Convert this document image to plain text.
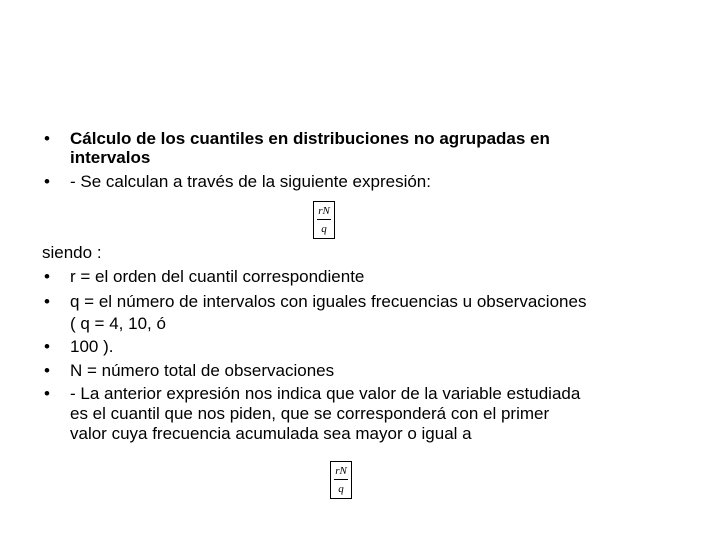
• Cálculo de los cuantiles en distribuciones no agrupadas en
intervalos
• - Se calculan a través de la siguiente expresión:
rN
q
siendo :
• r = el orden del cuantil correspondiente
• q = el número de intervalos con iguales frecuencias u observaciones
( q = 4, 10, ó
• 100 ).
• N = número total de observaciones
• - La anterior expresión nos indica que valor de la variable estudiada
es el cuantil que nos piden, que se corresponderá con el primer
valor cuya frecuencia acumulada sea mayor o igual a
rN
q
